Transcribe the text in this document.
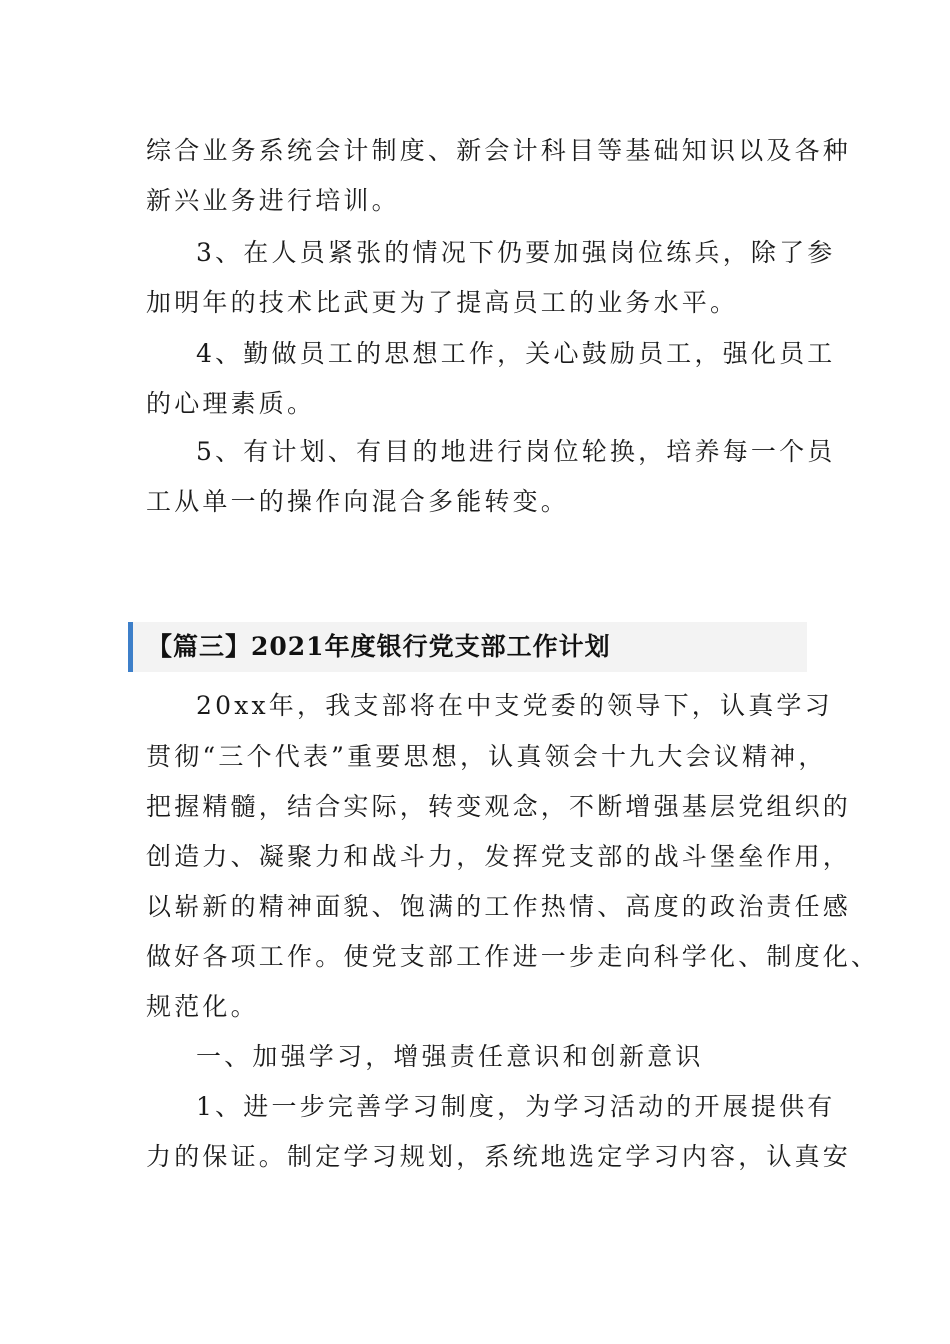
综合业务系统会计制度、新会计科目等基础知识以及各种
新兴业务进行培训。
3、在人员紧张的情况下仍要加强岗位练兵，除了参
加明年的技术比武更为了提高员工的业务水平。
4、勤做员工的思想工作，关心鼓励员工，强化员工
的心理素质。
5、有计划、有目的地进行岗位轮换，培养每一个员
工从单一的操作向混合多能转变。
【篇三】2021年度银行党支部工作计划
20xx年，我支部将在中支党委的领导下，认真学习
贯彻“三个代表”重要思想，认真领会十九大会议精神，
把握精髓，结合实际，转变观念，不断增强基层党组织的
创造力、凝聚力和战斗力，发挥党支部的战斗堡垒作用，
以崭新的精神面貌、饱满的工作热情、高度的政治责任感
做好各项工作。使党支部工作进一步走向科学化、制度化、
规范化。
一、加强学习，增强责任意识和创新意识
1、进一步完善学习制度，为学习活动的开展提供有
力的保证。制定学习规划，系统地选定学习内容，认真安
